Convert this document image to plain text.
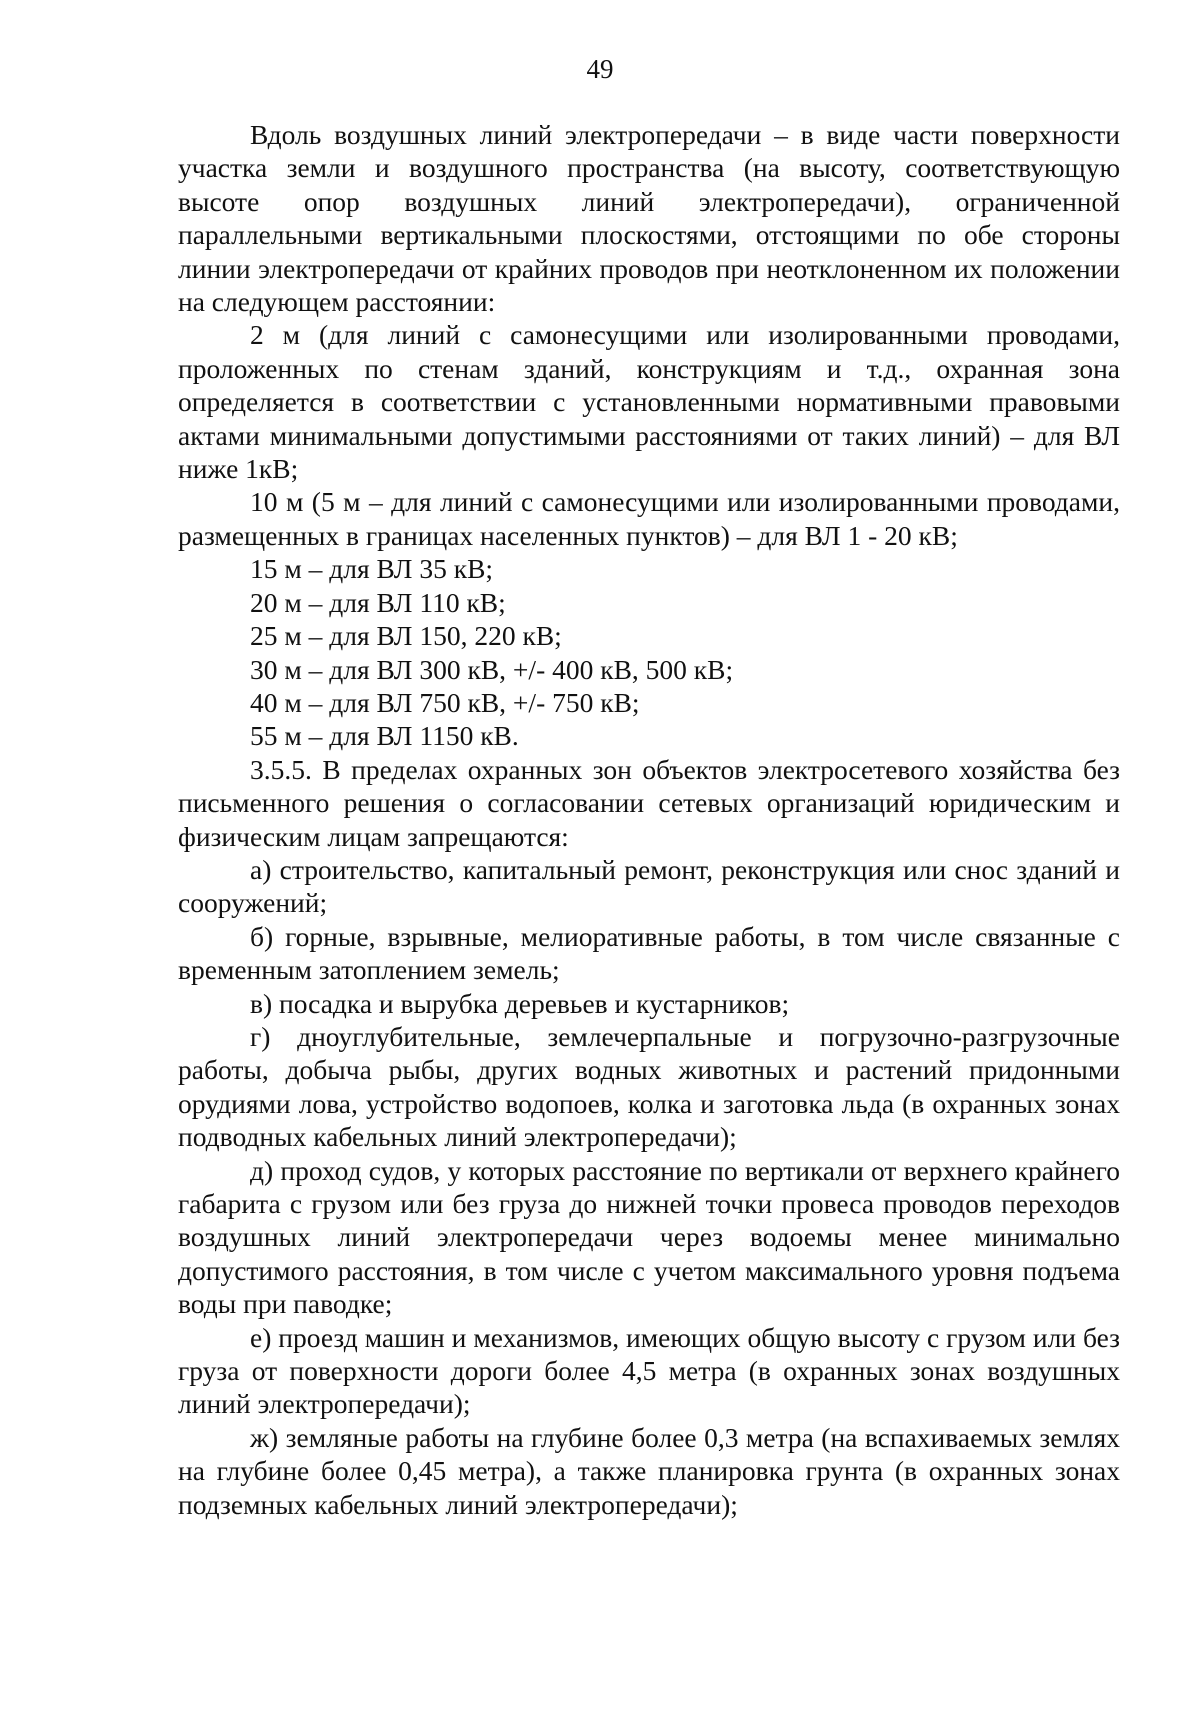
49

Вдоль воздушных линий электропередачи – в виде части поверхности участка земли и воздушного пространства (на высоту, соответствующую высоте опор воздушных линий электропередачи), ограниченной параллельными вертикальными плоскостями, отстоящими по обе стороны линии электропередачи от крайних проводов при неотклоненном их положении на следующем расстоянии:

2 м (для линий с самонесущими или изолированными проводами, проложенных по стенам зданий, конструкциям и т.д., охранная зона определяется в соответствии с установленными нормативными правовыми актами минимальными допустимыми расстояниями от таких линий) – для ВЛ ниже 1кВ;

10 м (5 м – для линий с самонесущими или изолированными проводами, размещенных в границах населенных пунктов) – для ВЛ 1 - 20 кВ;

15 м – для ВЛ 35 кВ;

20 м – для ВЛ 110 кВ;

25 м – для ВЛ 150, 220 кВ;

30 м – для ВЛ 300 кВ, +/- 400 кВ, 500 кВ;

40 м – для ВЛ 750 кВ, +/- 750 кВ;

55 м – для ВЛ 1150 кВ.

3.5.5. В пределах охранных зон объектов электросетевого хозяйства без письменного решения о согласовании сетевых организаций юридическим и физическим лицам запрещаются:

а) строительство, капитальный ремонт, реконструкция или снос зданий и сооружений;

б) горные, взрывные, мелиоративные работы, в том числе связанные с временным затоплением земель;

в) посадка и вырубка деревьев и кустарников;

г) дноуглубительные, землечерпальные и погрузочно-разгрузочные работы, добыча рыбы, других водных животных и растений придонными орудиями лова, устройство водопоев, колка и заготовка льда (в охранных зонах подводных кабельных линий электропередачи);

д) проход судов, у которых расстояние по вертикали от верхнего крайнего габарита с грузом или без груза до нижней точки провеса проводов переходов воздушных линий электропередачи через водоемы менее минимально допустимого расстояния, в том числе с учетом максимального уровня подъема воды при паводке;

е) проезд машин и механизмов, имеющих общую высоту с грузом или без груза от поверхности дороги более 4,5 метра (в охранных зонах воздушных линий электропередачи);

ж) земляные работы на глубине более 0,3 метра (на вспахиваемых землях на глубине более 0,45 метра), а также планировка грунта (в охранных зонах подземных кабельных линий электропередачи);
